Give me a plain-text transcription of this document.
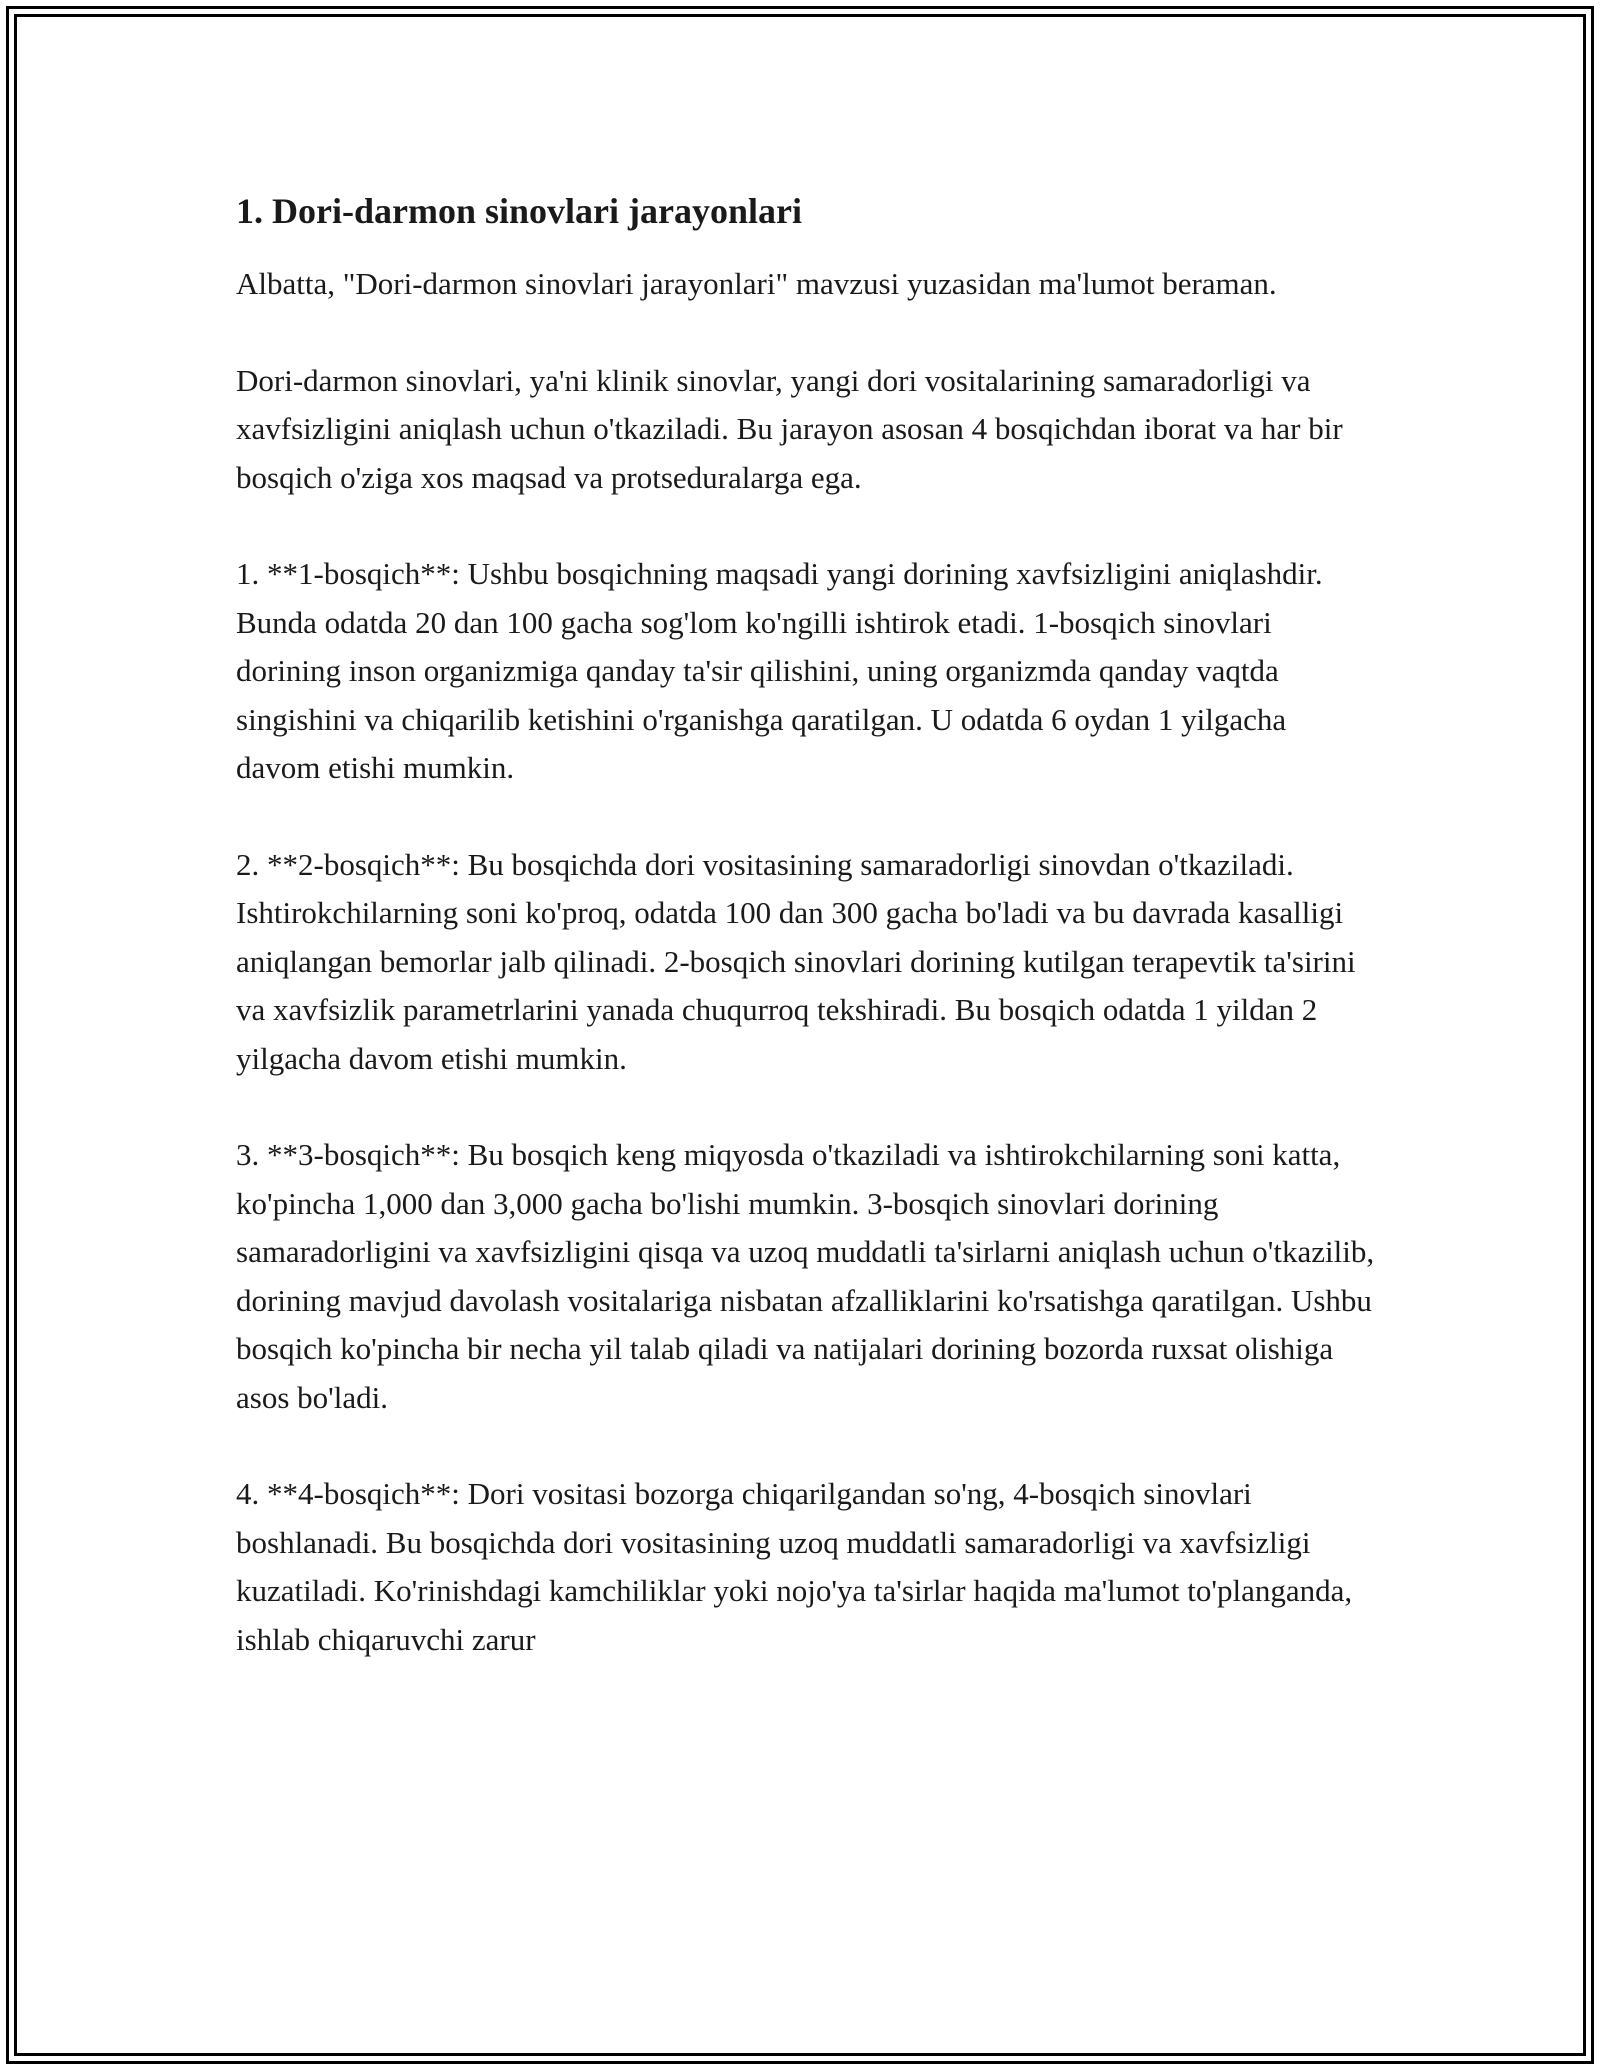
1. Dori-darmon sinovlari jarayonlari

Albatta, "Dori-darmon sinovlari jarayonlari" mavzusi yuzasidan ma'lumot beraman.

Dori-darmon sinovlari, ya'ni klinik sinovlar, yangi dori vositalarining samaradorligi va xavfsizligini aniqlash uchun o'tkaziladi. Bu jarayon asosan 4 bosqichdan iborat va har bir bosqich o'ziga xos maqsad va protseduralarga ega.

1. **1-bosqich**: Ushbu bosqichning maqsadi yangi dorining xavfsizligini aniqlashdir. Bunda odatda 20 dan 100 gacha sog'lom ko'ngilli ishtirok etadi. 1-bosqich sinovlari dorining inson organizmiga qanday ta'sir qilishini, uning organizmda qanday vaqtda singishini va chiqarilib ketishini o'rganishga qaratilgan. U odatda 6 oydan 1 yilgacha davom etishi mumkin.

2. **2-bosqich**: Bu bosqichda dori vositasining samaradorligi sinovdan o'tkaziladi. Ishtirokchilarning soni ko'proq, odatda 100 dan 300 gacha bo'ladi va bu davrada kasalligi aniqlangan bemorlar jalb qilinadi. 2-bosqich sinovlari dorining kutilgan terapevtik ta'sirini va xavfsizlik parametrlarini yanada chuqurroq tekshiradi. Bu bosqich odatda 1 yildan 2 yilgacha davom etishi mumkin.

3. **3-bosqich**: Bu bosqich keng miqyosda o'tkaziladi va ishtirokchilarning soni katta, ko'pincha 1,000 dan 3,000 gacha bo'lishi mumkin. 3-bosqich sinovlari dorining samaradorligini va xavfsizligini qisqa va uzoq muddatli ta'sirlarni aniqlash uchun o'tkazilib, dorining mavjud davolash vositalariga nisbatan afzalliklarini ko'rsatishga qaratilgan. Ushbu bosqich ko'pincha bir necha yil talab qiladi va natijalari dorining bozorda ruxsat olishiga asos bo'ladi.

4. **4-bosqich**: Dori vositasi bozorga chiqarilgandan so'ng, 4-bosqich sinovlari boshlanadi. Bu bosqichda dori vositasining uzoq muddatli samaradorligi va xavfsizligi kuzatiladi. Ko'rinishdagi kamchiliklar yoki nojo'ya ta'sirlar haqida ma'lumot to'planganda, ishlab chiqaruvchi zarur
